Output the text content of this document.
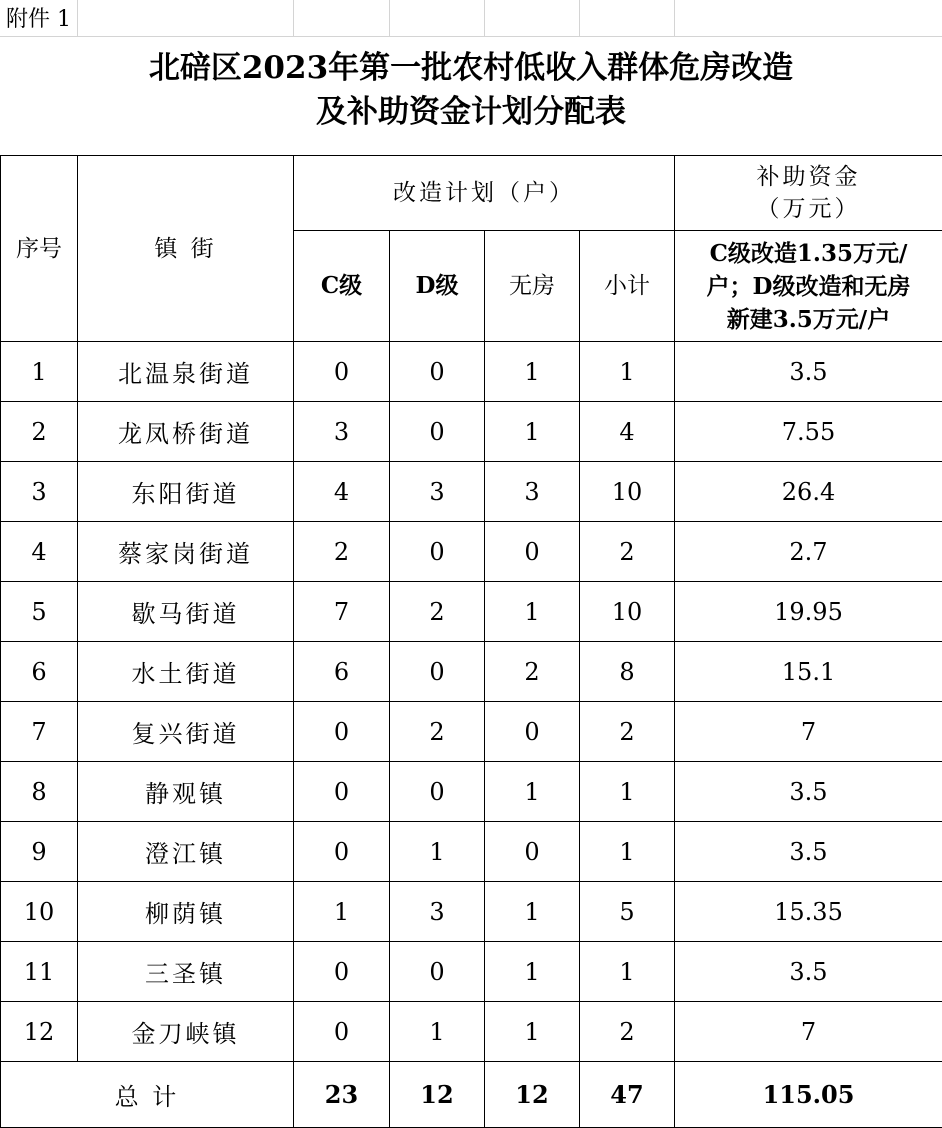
附件 1
北碚区2023年第一批农村低收入群体危房改造
及补助资金计划分配表
序号	镇 街	改造计划（户）				补助资金
（万元）

		C级	D级	无房	小计	C级改造1.35万元/
户；D级改造和无房
新建3.5万元/户

1	北温泉街道	0	0	1	1	3.5
2	龙凤桥街道	3	0	1	4	7.55
3	东阳街道	4	3	3	10	26.4
4	蔡家岗街道	2	0	0	2	2.7
5	歇马街道	7	2	1	10	19.95
6	水土街道	6	0	2	8	15.1
7	复兴街道	0	2	0	2	7
8	静观镇	0	0	1	1	3.5
9	澄江镇	0	1	0	1	3.5
10	柳荫镇	1	3	1	5	15.35
11	三圣镇	0	0	1	1	3.5
12	金刀峡镇	0	1	1	2	7
总 计		23	12	12	47	115.05
